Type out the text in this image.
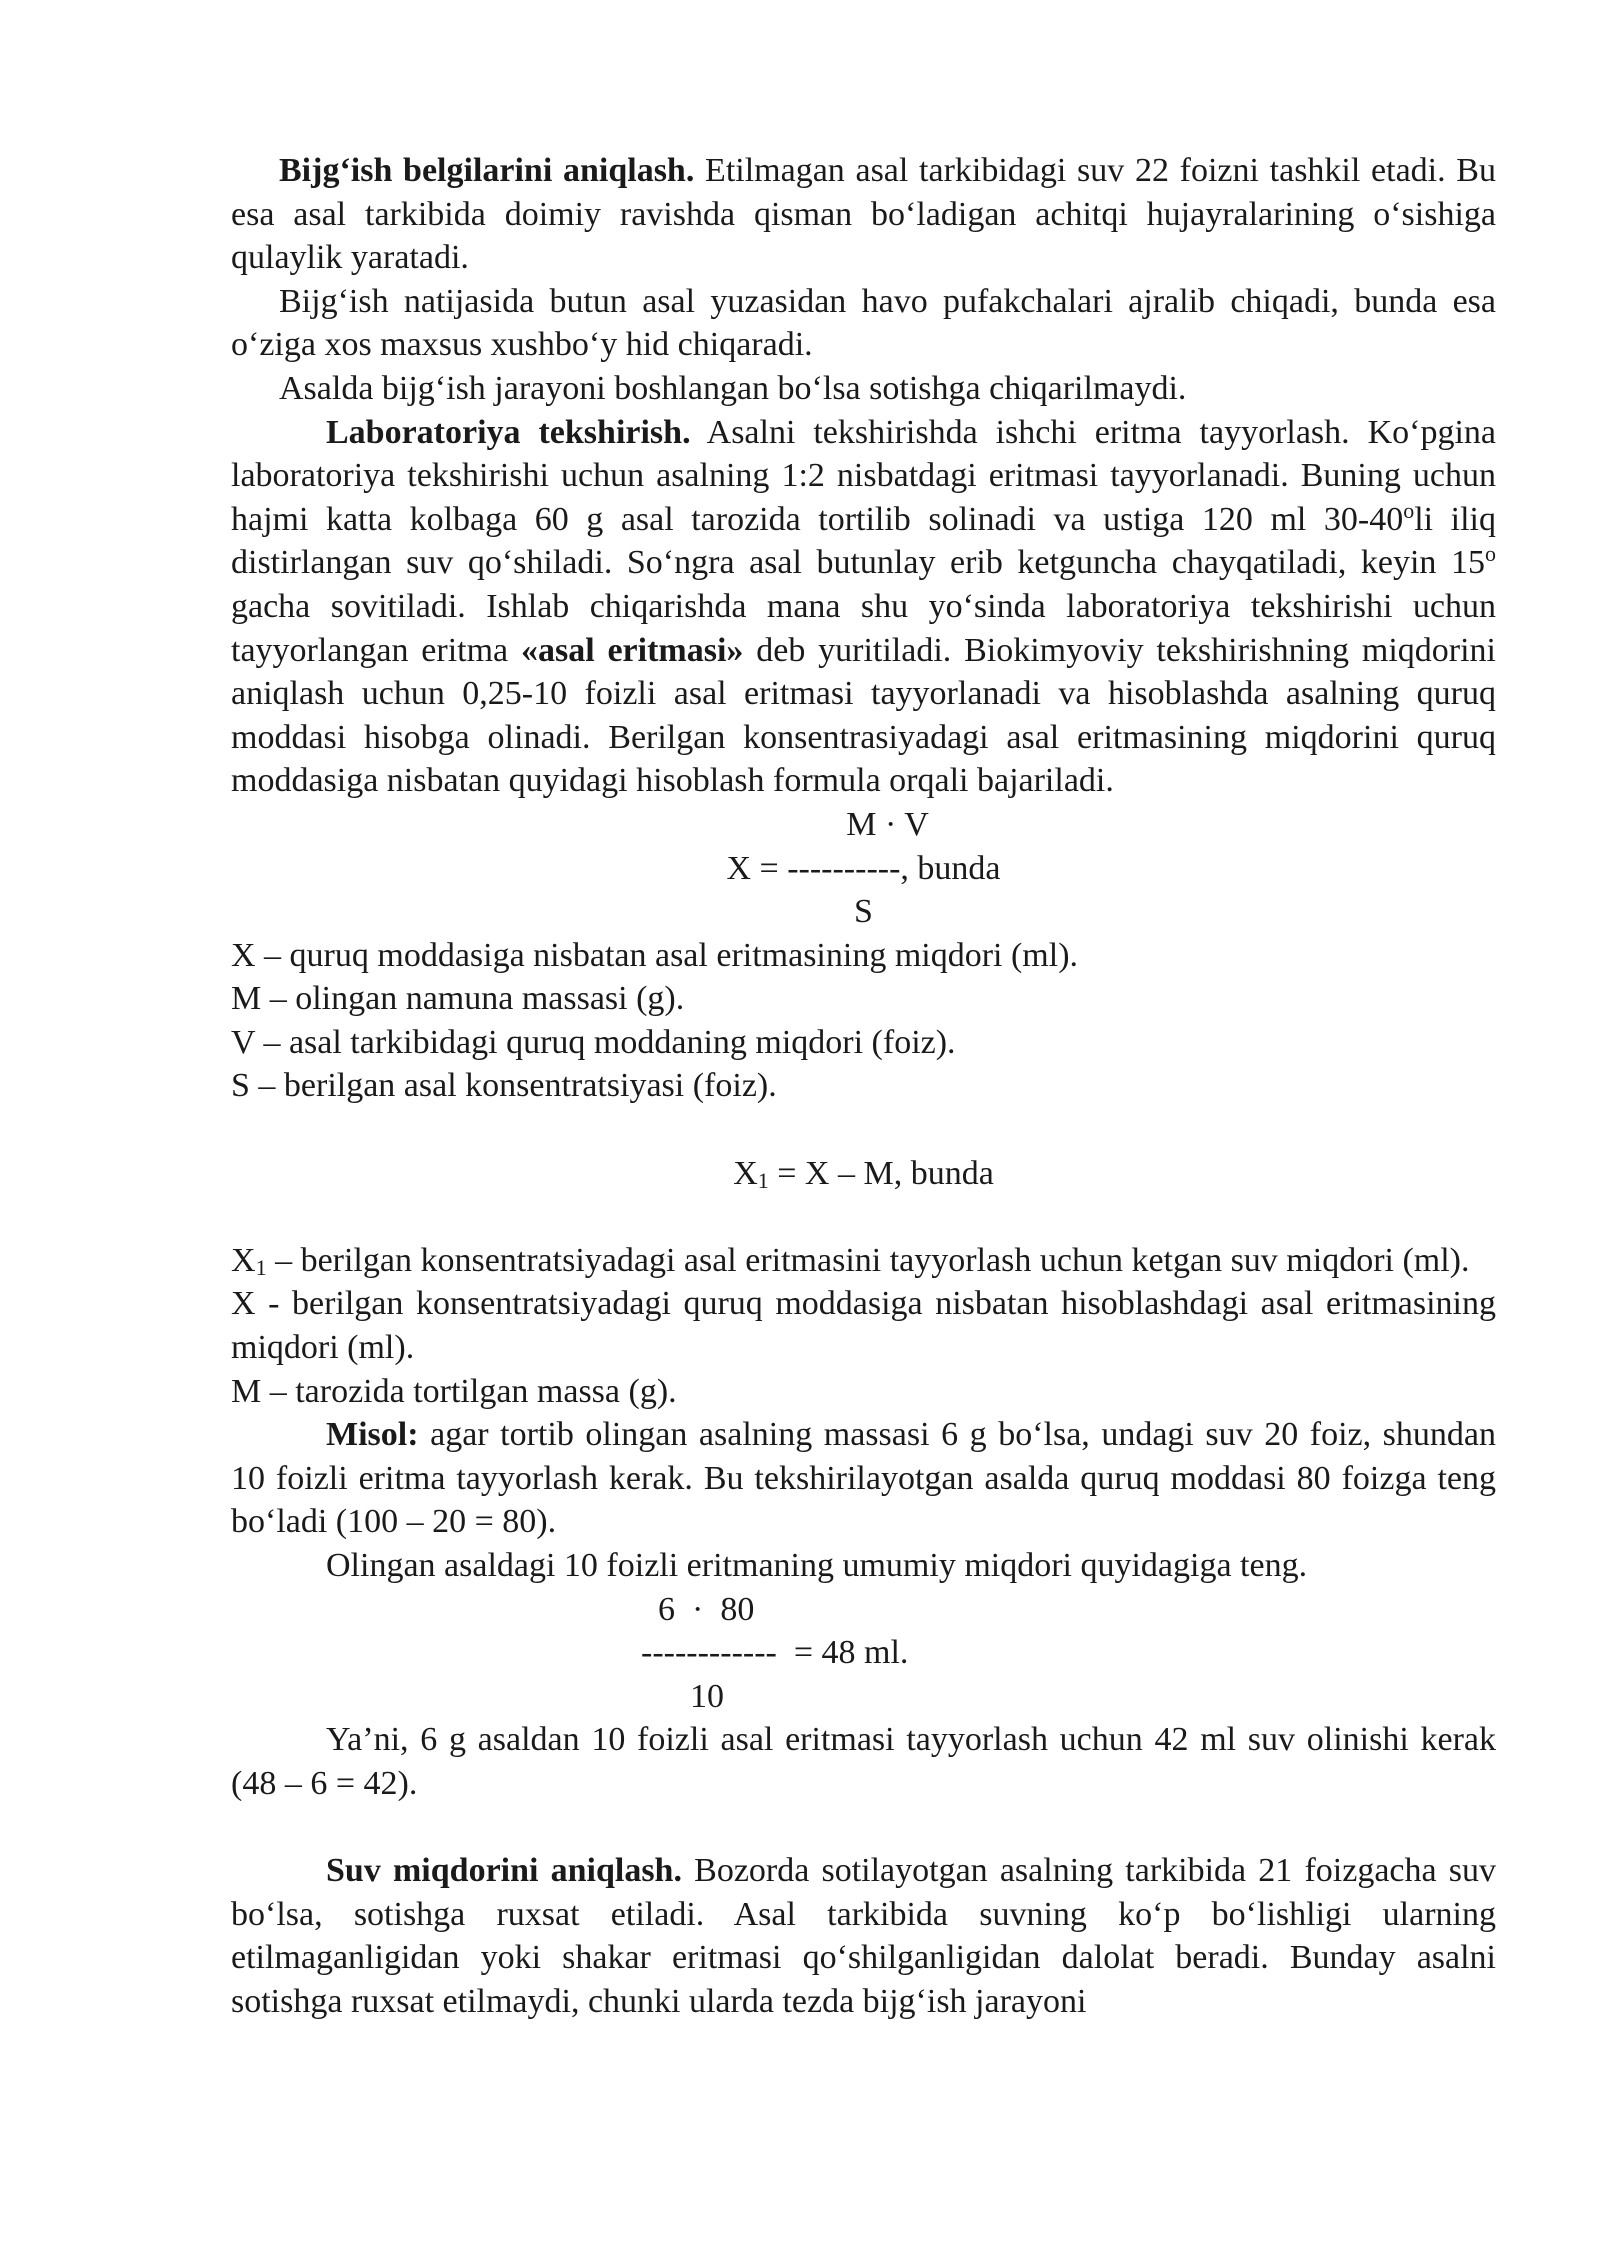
Bijg‘ish belgilarini aniqlash. Etilmagan asal tarkibidagi suv 22 foizni tashkil etadi. Bu esa asal tarkibida doimiy ravishda qisman bo‘ladigan achitqi hujayralarining o‘sishiga qulaylik yaratadi.

Bijg‘ish natijasida butun asal yuzasidan havo pufakchalari ajralib chiqadi, bunda esa o‘ziga xos maxsus xushbo‘y hid chiqaradi.

Asalda bijg‘ish jarayoni boshlangan bo‘lsa sotishga chiqarilmaydi.

Laboratoriya tekshirish. Asalni tekshirishda ishchi eritma tayyorlash. Ko‘pgina laboratoriya tekshirishi uchun asalning 1:2 nisbatdagi eritmasi tayyorlanadi. Buning uchun hajmi katta kolbaga 60 g asal tarozida tortilib solinadi va ustiga 120 ml 30-40$^o$li iliq distirlangan suv qo‘shiladi. So‘ngra asal butunlay erib ketguncha chayqatiladi, keyin 15$^o$ gacha sovitiladi. Ishlab chiqarishda mana shu yo‘sinda laboratoriya tekshirishi uchun tayyorlangan eritma «asal eritmasi» deb yuritiladi. Biokimyoviy tekshirishning miqdorini aniqlash uchun 0,25-10 foizli asal eritmasi tayyorlanadi va hisoblashda asalning quruq moddasi hisobga olinadi. Berilgan konsentrasiyadagi asal eritmasining miqdorini quruq moddasiga nisbatan quyidagi hisoblash formula orqali bajariladi.

M · V

X = ----------, bunda

S

X – quruq moddasiga nisbatan asal eritmasining miqdori (ml).

M – olingan namuna massasi (g).

V – asal tarkibidagi quruq moddaning miqdori (foiz).

S – berilgan asal konsentratsiyasi (foiz).

$X_1 = X - M$, bunda

$X_1$ – berilgan konsentratsiyadagi asal eritmasini tayyorlash uchun ketgan suv miqdori (ml).

X - berilgan konsentratsiyadagi quruq moddasiga nisbatan hisoblashdagi asal eritmasining miqdori (ml).

M – tarozida tortilgan massa (g).

Misol: agar tortib olingan asalning massasi 6 g bo‘lsa, undagi suv 20 foiz, shundan 10 foizli eritma tayyorlash kerak. Bu tekshirilayotgan asalda quruq moddasi 80 foizga teng bo‘ladi (100 – 20 = 80).

Olingan asaldagi 10 foizli eritmaning umumiy miqdori quyidagiga teng.

6  ·  80

------------  = 48 ml.

10

Ya’ni, 6 g asaldan 10 foizli asal eritmasi tayyorlash uchun 42 ml suv olinishi kerak (48 – 6 = 42).

Suv miqdorini aniqlash. Bozorda sotilayotgan asalning tarkibida 21 foizgacha suv bo‘lsa, sotishga ruxsat etiladi. Asal tarkibida suvning ko‘p bo‘lishligi ularning etilmaganligidan yoki shakar eritmasi qo‘shilganligidan dalolat beradi. Bunday asalni sotishga ruxsat etilmaydi, chunki ularda tezda bijg‘ish jarayoni
